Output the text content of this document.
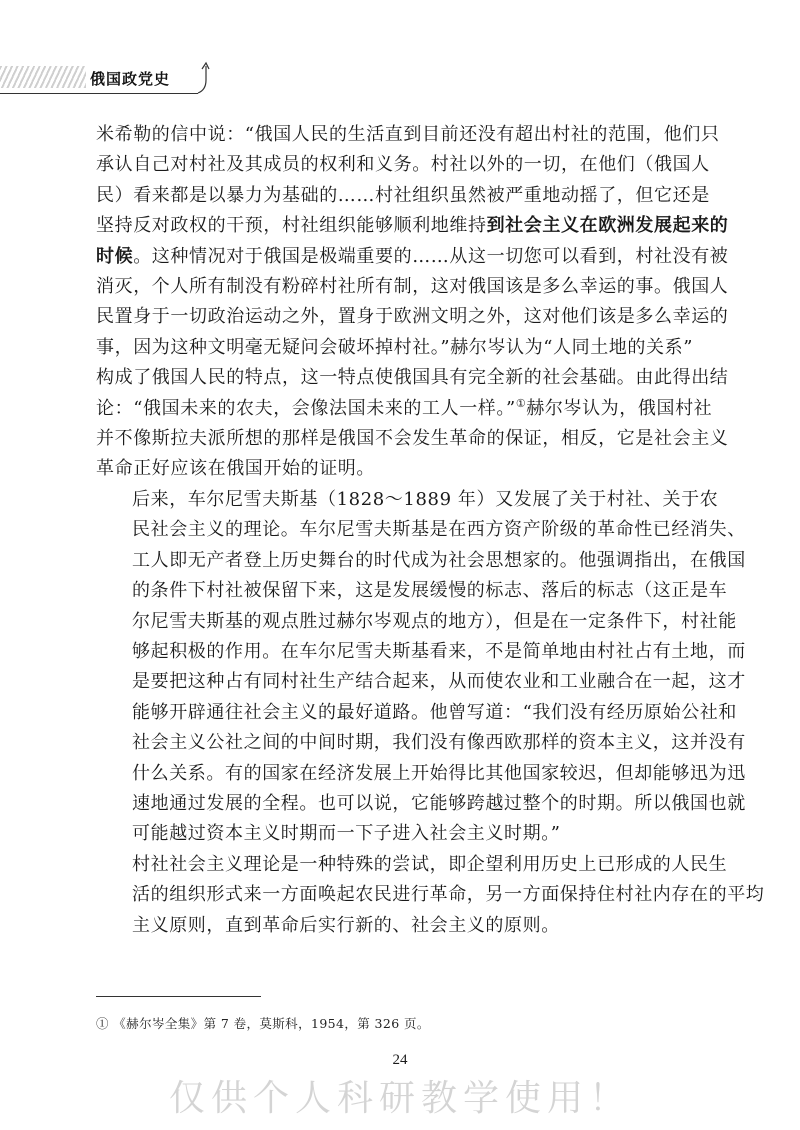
俄国政党史

米希勒的信中说：“俄国人民的生活直到目前还没有超出村社的范围，他们只
承认自己对村社及其成员的权利和义务。村社以外的一切，在他们（俄国人
民）看来都是以暴力为基础的……村社组织虽然被严重地动摇了，但它还是
坚持反对政权的干预，村社组织能够顺利地维持到社会主义在欧洲发展起来的
时候。这种情况对于俄国是极端重要的……从这一切您可以看到，村社没有被
消灭，个人所有制没有粉碎村社所有制，这对俄国该是多么幸运的事。俄国人
民置身于一切政治运动之外，置身于欧洲文明之外，这对他们该是多么幸运的
事，因为这种文明毫无疑问会破坏掉村社。”赫尔岑认为“人同土地的关系”
构成了俄国人民的特点，这一特点使俄国具有完全新的社会基础。由此得出结
论：“俄国未来的农夫，会像法国未来的工人一样。”①赫尔岑认为，俄国村社
并不像斯拉夫派所想的那样是俄国不会发生革命的保证，相反，它是社会主义
革命正好应该在俄国开始的证明。

后来，车尔尼雪夫斯基（1828～1889 年）又发展了关于村社、关于农
民社会主义的理论。车尔尼雪夫斯基是在西方资产阶级的革命性已经消失、
工人即无产者登上历史舞台的时代成为社会思想家的。他强调指出，在俄国
的条件下村社被保留下来，这是发展缓慢的标志、落后的标志（这正是车
尔尼雪夫斯基的观点胜过赫尔岑观点的地方），但是在一定条件下，村社能
够起积极的作用。在车尔尼雪夫斯基看来，不是简单地由村社占有土地，而
是要把这种占有同村社生产结合起来，从而使农业和工业融合在一起，这才
能够开辟通往社会主义的最好道路。他曾写道：“我们没有经历原始公社和
社会主义公社之间的中间时期，我们没有像西欧那样的资本主义，这并没有
什么关系。有的国家在经济发展上开始得比其他国家较迟，但却能够迅为迅
速地通过发展的全程。也可以说，它能够跨越过整个的时期。所以俄国也就
可能越过资本主义时期而一下子进入社会主义时期。”

村社社会主义理论是一种特殊的尝试，即企望利用历史上已形成的人民生
活的组织形式来一方面唤起农民进行革命，另一方面保持住村社内存在的平均
主义原则，直到革命后实行新的、社会主义的原则。

① 《赫尔岑全集》第 7 卷，莫斯科，1954，第 326 页。
24
仅供个人科研教学使用！
